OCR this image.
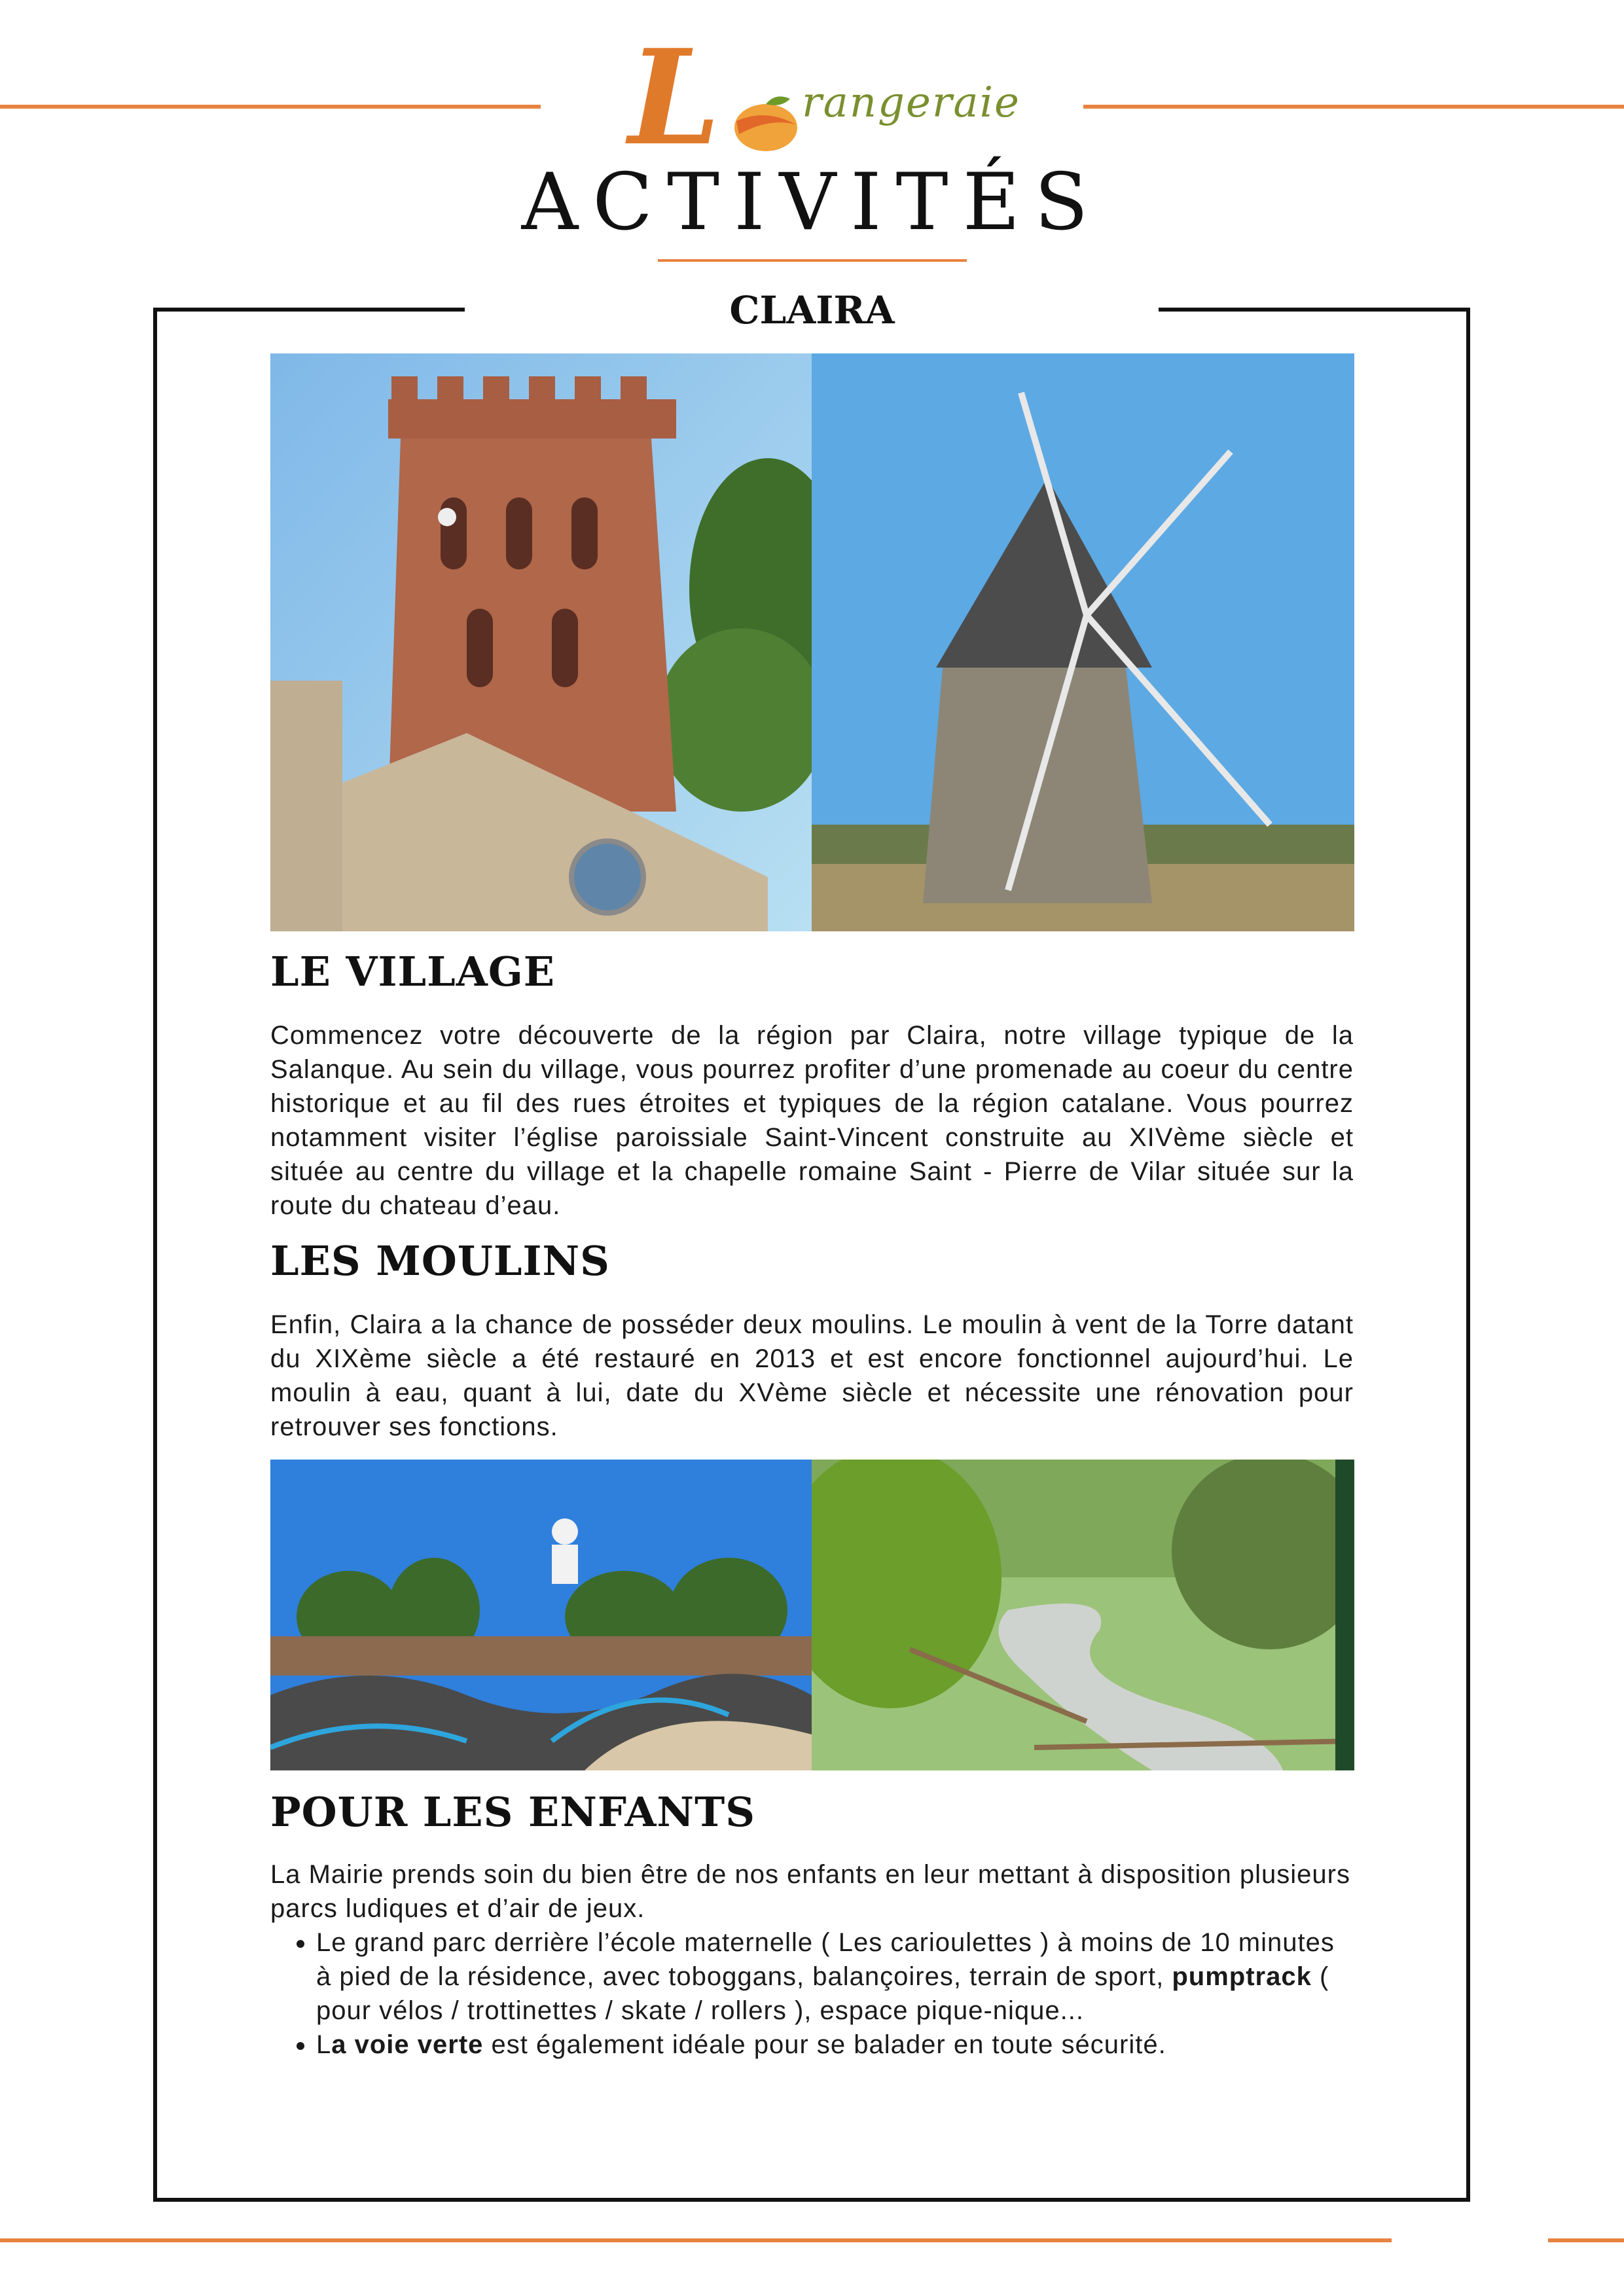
L rangeraie
ACTIVITÉS
CLAIRA
LE VILLAGE
Commencez votre découverte de la région par Claira, notre village typique de la Salanque. Au sein du village, vous pourrez profiter d’une promenade au coeur du centre historique et au fil des rues étroites et typiques de la région catalane. Vous pourrez notamment visiter l’église paroissiale Saint-Vincent construite au XIVème siècle et située au centre du village et la chapelle romaine Saint - Pierre de Vilar située sur la route du chateau d’eau.
LES MOULINS
Enfin, Claira a la chance de posséder deux moulins. Le moulin à vent de la Torre datant du XIXème siècle a été restauré en 2013 et est encore fonctionnel aujourd’hui. Le moulin à eau, quant à lui, date du XVème siècle et nécessite une rénovation pour retrouver ses fonctions.
POUR LES ENFANTS
La Mairie prends soin du bien être de nos enfants en leur mettant à disposition plusieurs parcs ludiques et d’air de jeux.
• Le grand parc derrière l’école maternelle ( Les carioulettes ) à moins de 10 minutes à pied de la résidence, avec toboggans, balançoires, terrain de sport, pumptrack ( pour vélos / trottinettes / skate / rollers ), espace pique-nique...
• La voie verte est également idéale pour se balader en toute sécurité.
